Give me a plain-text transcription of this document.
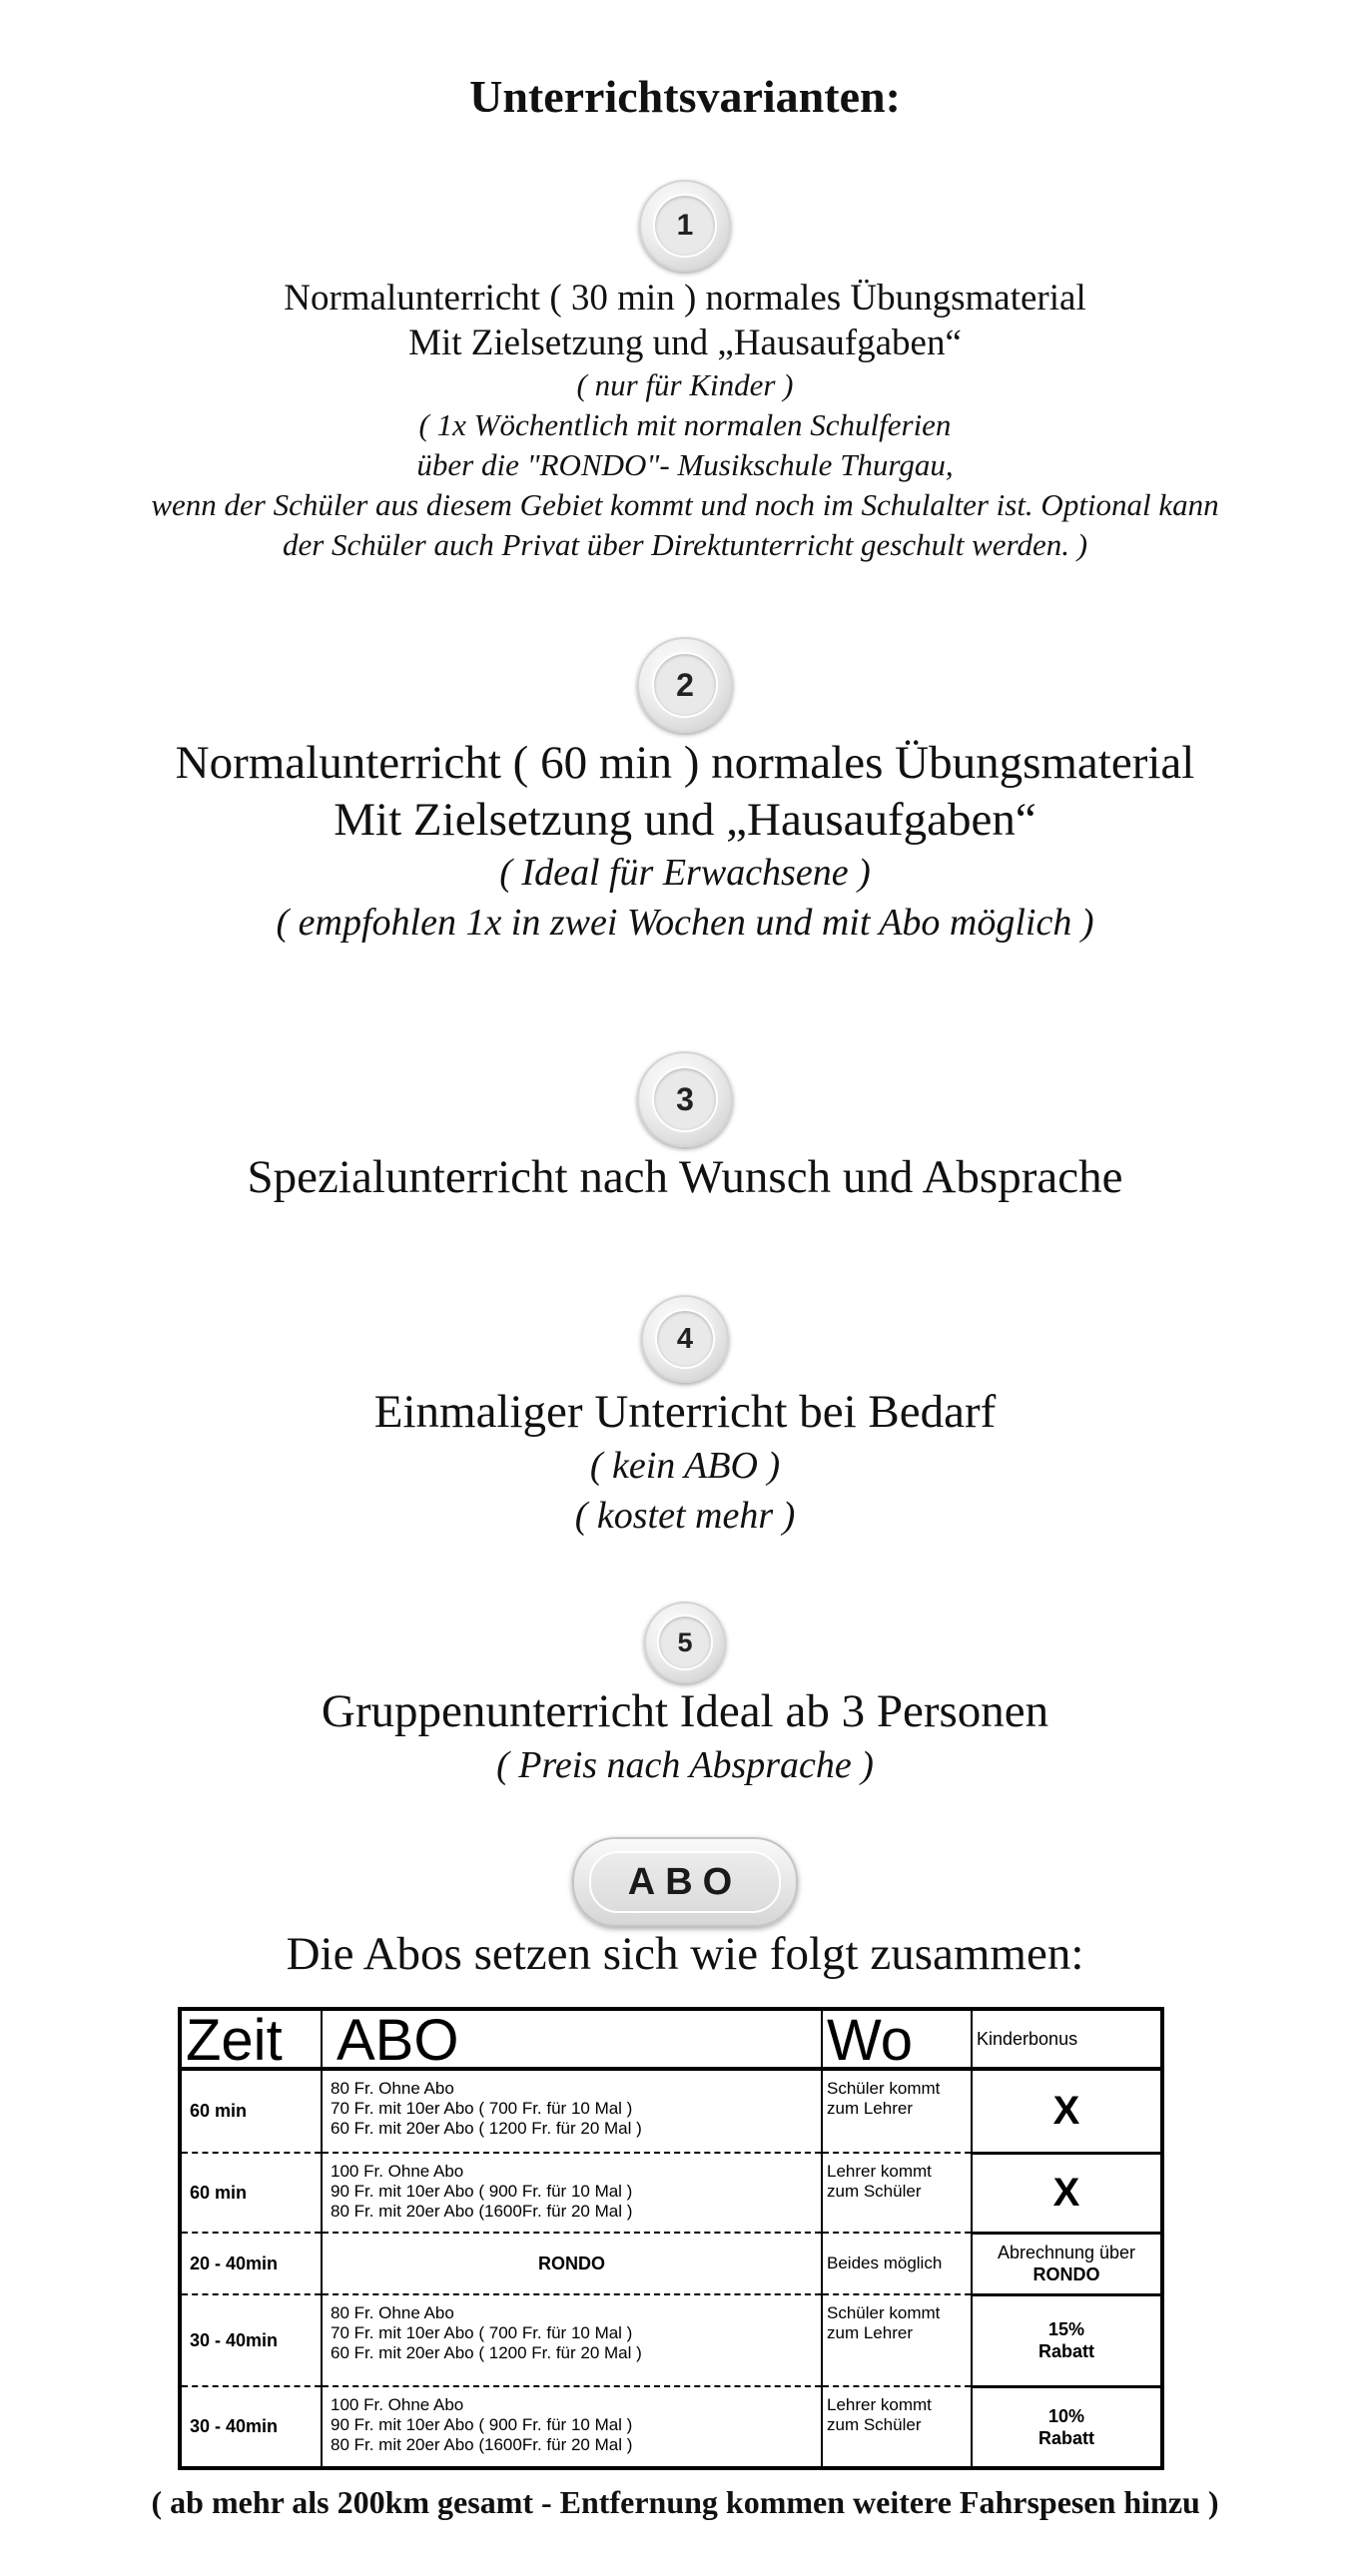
Unterrichtsvarianten:
1
Normalunterricht ( 30 min ) normales Übungsmaterial
Mit Zielsetzung und „Hausaufgaben“
( nur für Kinder )
( 1x Wöchentlich mit normalen Schulferien
über die "RONDO"- Musikschule Thurgau,
wenn der Schüler aus diesem Gebiet kommt und noch im Schulalter ist. Optional kann
der Schüler auch Privat über Direktunterricht geschult werden. )
2
Normalunterricht ( 60 min ) normales Übungsmaterial
Mit Zielsetzung und „Hausaufgaben“
( Ideal für Erwachsene )
( empfohlen 1x in zwei Wochen und mit Abo möglich )
3
Spezialunterricht nach Wunsch und Absprache
4
Einmaliger Unterricht bei Bedarf
( kein ABO )
( kostet mehr )
5
Gruppenunterricht Ideal ab 3 Personen
( Preis nach Absprache )
ABO
Die Abos setzen sich wie folgt zusammen:
Zeit	ABO	Wo	Kinderbonus
60 min	80 Fr. Ohne Abo
70 Fr. mit 10er Abo ( 700 Fr. für 10 Mal )
60 Fr. mit 20er Abo ( 1200 Fr. für 20 Mal )	Schüler kommt
zum Lehrer	X
60 min	100 Fr. Ohne Abo
90 Fr. mit 10er Abo ( 900 Fr. für 10 Mal )
80 Fr. mit 20er Abo (1600Fr. für 20 Mal )	Lehrer kommt
zum Schüler	X
20 - 40min	RONDO	Beides möglich	Abrechnung über
RONDO

30 - 40min	80 Fr. Ohne Abo
70 Fr. mit 10er Abo ( 700 Fr. für 10 Mal )
60 Fr. mit 20er Abo ( 1200 Fr. für 20 Mal )	Schüler kommt
zum Lehrer	15%
Rabatt

30 - 40min	100 Fr. Ohne Abo
90 Fr. mit 10er Abo ( 900 Fr. für 10 Mal )
80 Fr. mit 20er Abo (1600Fr. für 20 Mal )	Lehrer kommt
zum Schüler	10%
Rabatt
( ab mehr als 200km gesamt - Entfernung kommen weitere Fahrspesen hinzu )
